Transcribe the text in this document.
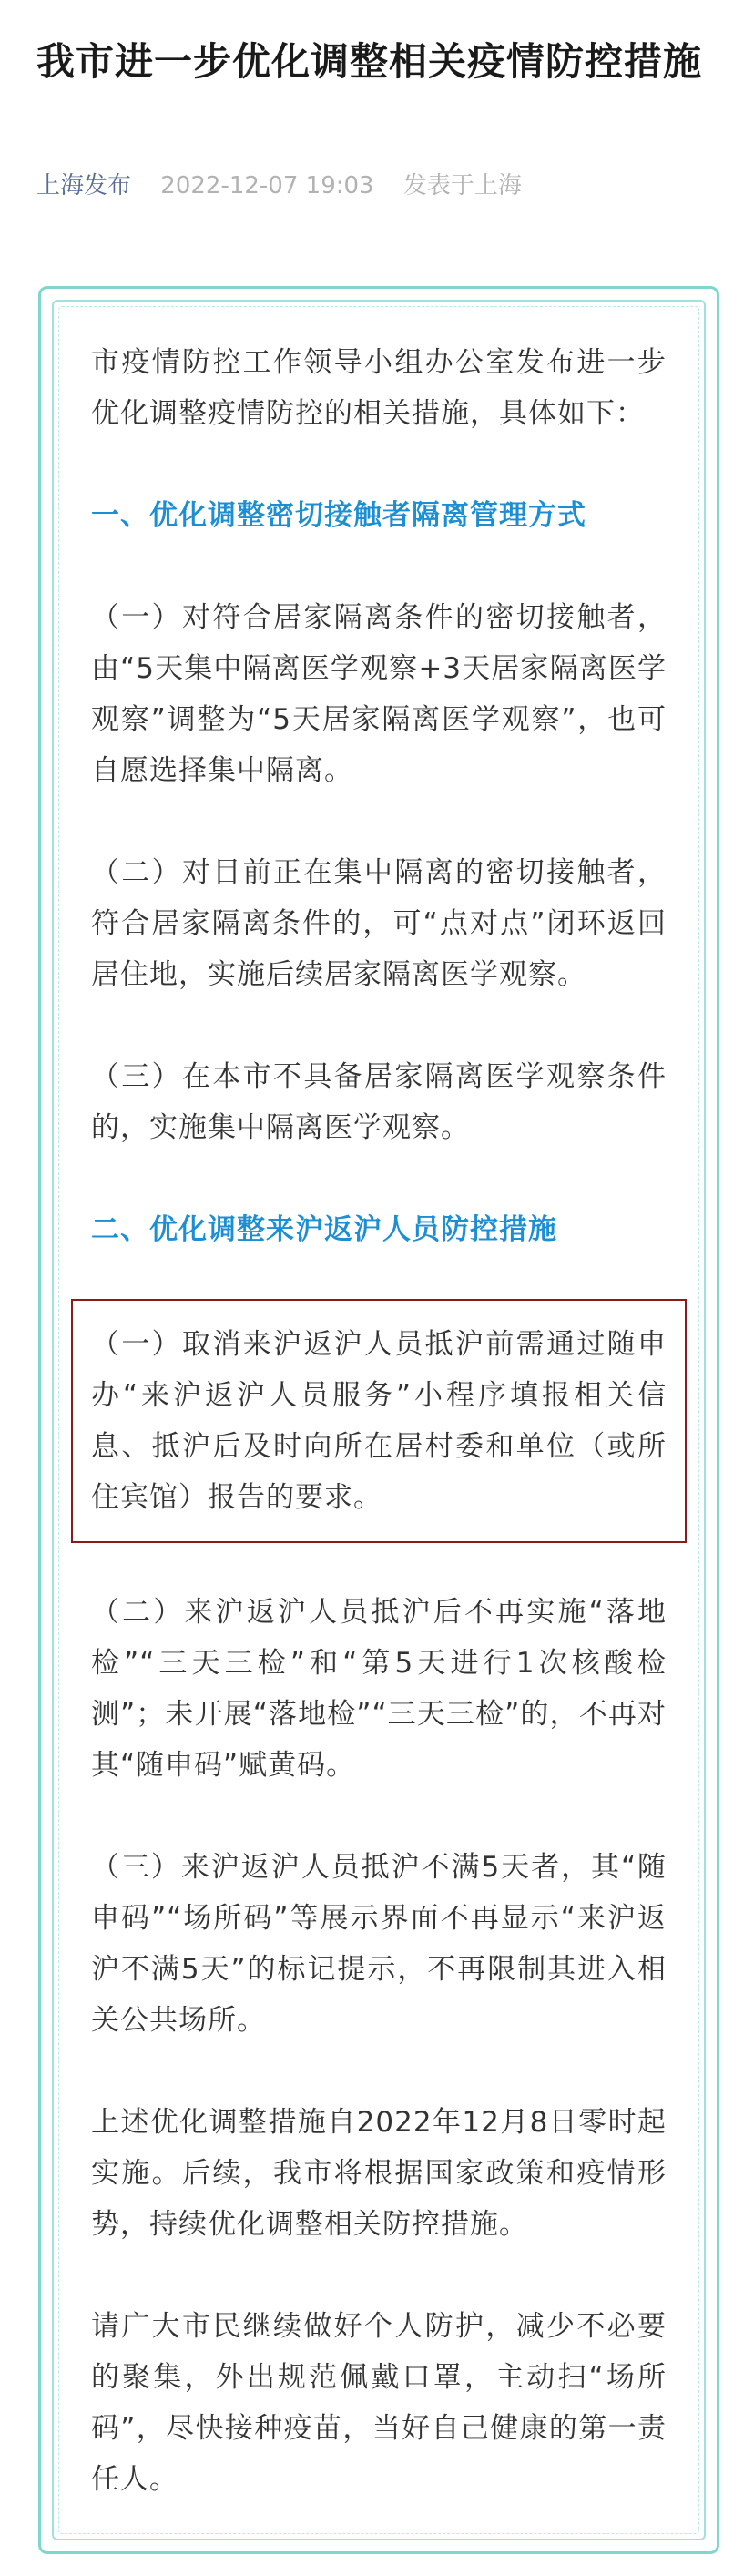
我市进一步优化调整相关疫情防控措施
上海发布 2022-12-07 19:03 发表于上海

市疫情防控工作领导小组办公室发布进一步优化调整疫情防控的相关措施，具体如下：

一、优化调整密切接触者隔离管理方式

（一）对符合居家隔离条件的密切接触者，由“5天集中隔离医学观察+3天居家隔离医学观察”调整为“5天居家隔离医学观察”，也可自愿选择集中隔离。

（二）对目前正在集中隔离的密切接触者，符合居家隔离条件的，可“点对点”闭环返回居住地，实施后续居家隔离医学观察。

（三）在本市不具备居家隔离医学观察条件的，实施集中隔离医学观察。

二、优化调整来沪返沪人员防控措施

（一）取消来沪返沪人员抵沪前需通过随申办“来沪返沪人员服务”小程序填报相关信息、抵沪后及时向所在居村委和单位（或所住宾馆）报告的要求。

（二）来沪返沪人员抵沪后不再实施“落地检”“三天三检”和“第5天进行1次核酸检测”；未开展“落地检”“三天三检”的，不再对其“随申码”赋黄码。

（三）来沪返沪人员抵沪不满5天者，其“随申码”“场所码”等展示界面不再显示“来沪返沪不满5天”的标记提示，不再限制其进入相关公共场所。

上述优化调整措施自2022年12月8日零时起实施。后续，我市将根据国家政策和疫情形势，持续优化调整相关防控措施。

请广大市民继续做好个人防护，减少不必要的聚集，外出规范佩戴口罩，主动扫“场所码”，尽快接种疫苗，当好自己健康的第一责任人。
